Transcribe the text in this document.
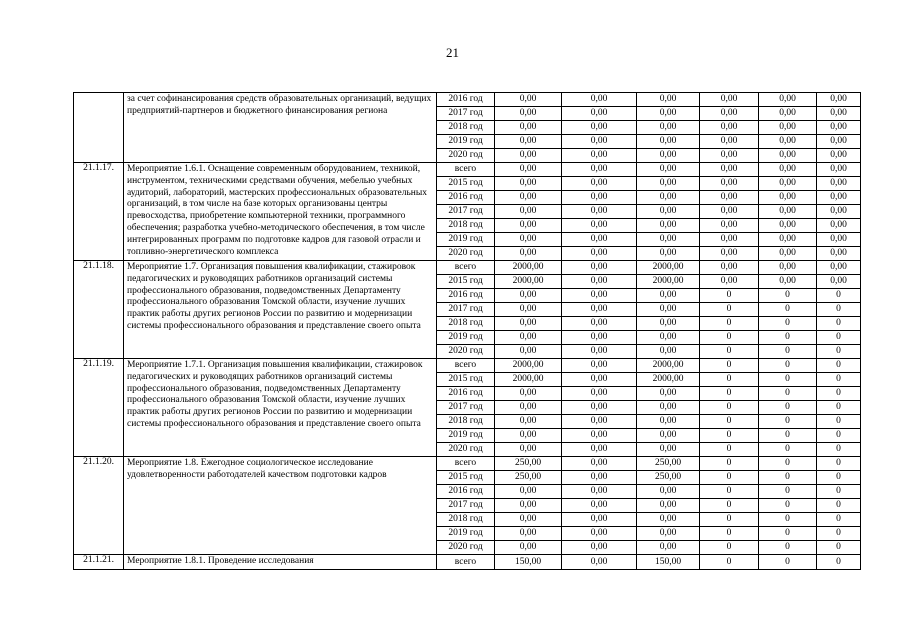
21
	за счет софинансирования средств образовательных организаций, ведущих предприятий-партнеров и бюджетного финансирования региона	2016 год	0,00	0,00	0,00	0,00	0,00	0,00
		2017 год	0,00	0,00	0,00	0,00	0,00	0,00
		2018 год	0,00	0,00	0,00	0,00	0,00	0,00
		2019 год	0,00	0,00	0,00	0,00	0,00	0,00
		2020 год	0,00	0,00	0,00	0,00	0,00	0,00
21.1.17.	Мероприятие 1.6.1. Оснащение современным оборудованием, техникой, инструментом, техническими средствами обучения, мебелью учебных аудиторий, лабораторий, мастерских профессиональных образовательных организаций, в том числе на базе которых организованы центры превосходства, приобретение компьютерной техники, программного обеспечения; разработка учебно-методического обеспечения, в том числе интегрированных программ по подготовке кадров для газовой отрасли и топливно-энергетического комплекса	всего	0,00	0,00	0,00	0,00	0,00	0,00
		2015 год	0,00	0,00	0,00	0,00	0,00	0,00
		2016 год	0,00	0,00	0,00	0,00	0,00	0,00
		2017 год	0,00	0,00	0,00	0,00	0,00	0,00
		2018 год	0,00	0,00	0,00	0,00	0,00	0,00
		2019 год	0,00	0,00	0,00	0,00	0,00	0,00
		2020 год	0,00	0,00	0,00	0,00	0,00	0,00
21.1.18.	Мероприятие 1.7. Организация повышения квалификации, стажировок педагогических и руководящих работников организаций системы профессионального образования, подведомственных Департаменту профессионального образования Томской области, изучение лучших практик работы других регионов России по развитию и модернизации системы профессионального образования и представление своего опыта	всего	2000,00	0,00	2000,00	0,00	0,00	0,00
		2015 год	2000,00	0,00	2000,00	0,00	0,00	0,00
		2016 год	0,00	0,00	0,00	0	0	0
		2017 год	0,00	0,00	0,00	0	0	0
		2018 год	0,00	0,00	0,00	0	0	0
		2019 год	0,00	0,00	0,00	0	0	0
		2020 год	0,00	0,00	0,00	0	0	0
21.1.19.	Мероприятие 1.7.1. Организация повышения квалификации, стажировок педагогических и руководящих работников организаций системы профессионального образования, подведомственных Департаменту профессионального образования Томской области, изучение лучших практик работы других регионов России по развитию и модернизации системы профессионального образования и представление своего опыта	всего	2000,00	0,00	2000,00	0	0	0
		2015 год	2000,00	0,00	2000,00	0	0	0
		2016 год	0,00	0,00	0,00	0	0	0
		2017 год	0,00	0,00	0,00	0	0	0
		2018 год	0,00	0,00	0,00	0	0	0
		2019 год	0,00	0,00	0,00	0	0	0
		2020 год	0,00	0,00	0,00	0	0	0
21.1.20.	Мероприятие 1.8. Ежегодное социологическое исследование удовлетворенности работодателей качеством подготовки кадров	всего	250,00	0,00	250,00	0	0	0
		2015 год	250,00	0,00	250,00	0	0	0
		2016 год	0,00	0,00	0,00	0	0	0
		2017 год	0,00	0,00	0,00	0	0	0
		2018 год	0,00	0,00	0,00	0	0	0
		2019 год	0,00	0,00	0,00	0	0	0
		2020 год	0,00	0,00	0,00	0	0	0
21.1.21.	Мероприятие 1.8.1. Проведение исследования	всего	150,00	0,00	150,00	0	0	0
